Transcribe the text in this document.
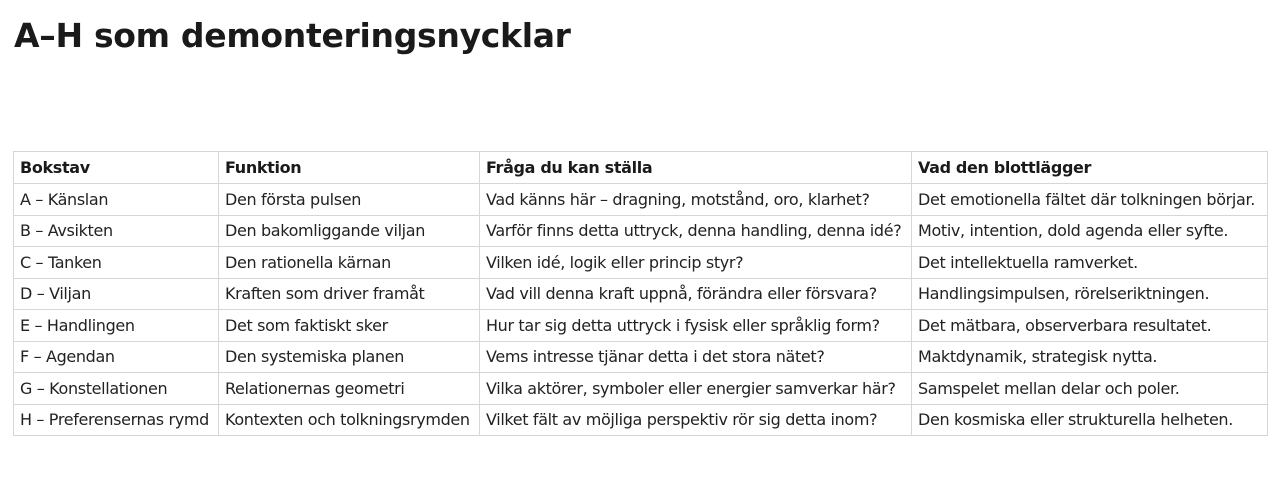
A–H som demonteringsnycklar
Bokstav	Funktion	Fråga du kan ställa	Vad den blottlägger
A – Känslan	Den första pulsen	Vad känns här – dragning, motstånd, oro, klarhet?	Det emotionella fältet där tolkningen börjar.
B – Avsikten	Den bakomliggande viljan	Varför finns detta uttryck, denna handling, denna idé?	Motiv, intention, dold agenda eller syfte.
C – Tanken	Den rationella kärnan	Vilken idé, logik eller princip styr?	Det intellektuella ramverket.
D – Viljan	Kraften som driver framåt	Vad vill denna kraft uppnå, förändra eller försvara?	Handlingsimpulsen, rörelseriktningen.
E – Handlingen	Det som faktiskt sker	Hur tar sig detta uttryck i fysisk eller språklig form?	Det mätbara, observerbara resultatet.
F – Agendan	Den systemiska planen	Vems intresse tjänar detta i det stora nätet?	Maktdynamik, strategisk nytta.
G – Konstellationen	Relationernas geometri	Vilka aktörer, symboler eller energier samverkar här?	Samspelet mellan delar och poler.
H – Preferensernas rymd	Kontexten och tolkningsrymden	Vilket fält av möjliga perspektiv rör sig detta inom?	Den kosmiska eller strukturella helheten.
